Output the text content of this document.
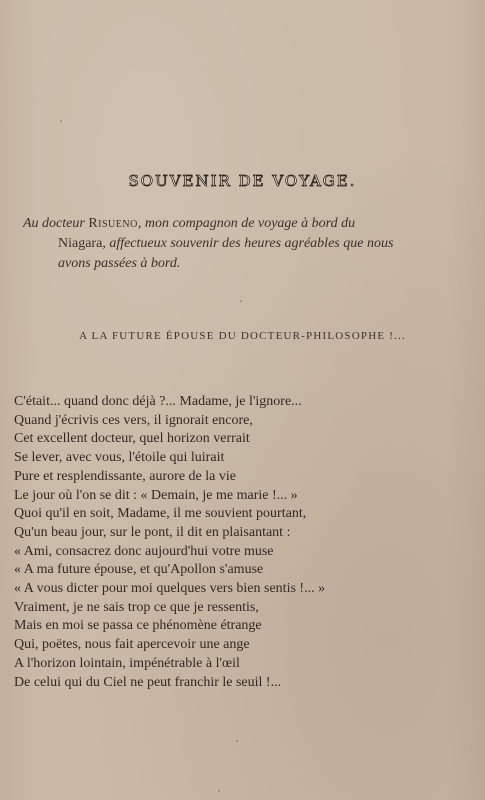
SOUVENIR DE VOYAGE.
Au docteur Risueno, mon compagnon de voyage à bord du
Niagara, affectueux souvenir des heures agréables que nous
avons passées à bord.
A LA FUTURE ÉPOUSE DU DOCTEUR-PHILOSOPHE !...
C'était... quand donc déjà ?... Madame, je l'ignore...
Quand j'écrivis ces vers, il ignorait encore,
Cet excellent docteur, quel horizon verrait
Se lever, avec vous, l'étoile qui luirait
Pure et resplendissante, aurore de la vie
Le jour où l'on se dit : « Demain, je me marie !... »
Quoi qu'il en soit, Madame, il me souvient pourtant,
Qu'un beau jour, sur le pont, il dit en plaisantant :
« Ami, consacrez donc aujourd'hui votre muse
« A ma future épouse, et qu'Apollon s'amuse
« A vous dicter pour moi quelques vers bien sentis !... »
Vraiment, je ne sais trop ce que je ressentis,
Mais en moi se passa ce phénomène étrange
Qui, poëtes, nous fait apercevoir une ange
A l'horizon lointain, impénétrable à l'œil
De celui qui du Ciel ne peut franchir le seuil !...
